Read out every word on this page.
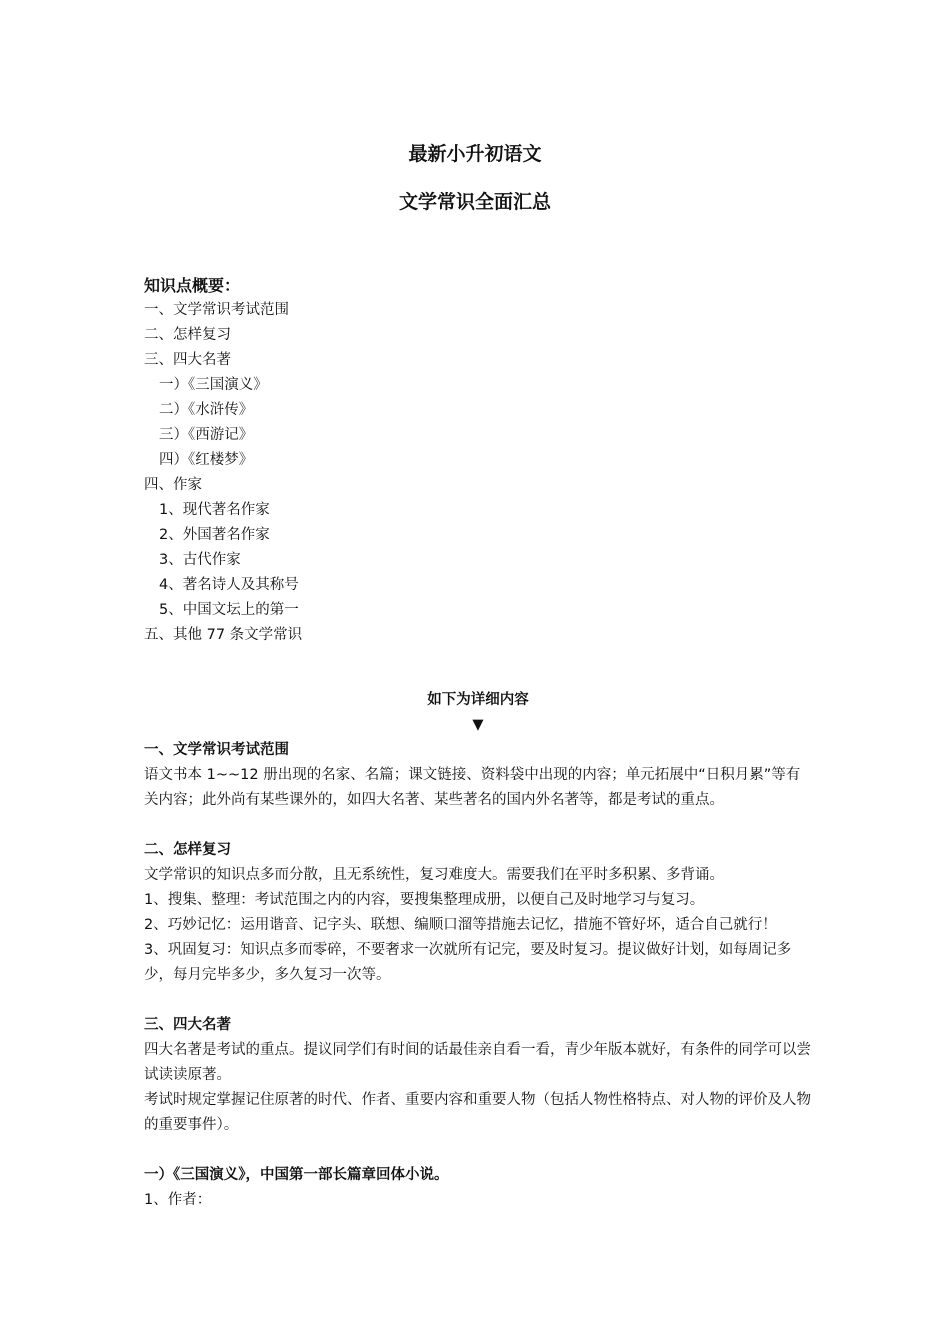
最新小升初语文
文学常识全面汇总

知识点概要：

一、文学常识考试范围

二、怎样复习

三、四大名著

一）《三国演义》

二）《水浒传》

三）《西游记》

四）《红楼梦》

四、作家

1、现代著名作家

2、外国著名作家

3、古代作家

4、著名诗人及其称号

5、中国文坛上的第一

五、其他 77 条文学常识

如下为详细内容

▼

一、文学常识考试范围

语文书本 1~~12 册出现的名家、名篇；课文链接、资料袋中出现的内容；单元拓展中“日积月累”等有关内容；此外尚有某些课外的，如四大名著、某些著名的国内外名著等，都是考试的重点。

二、怎样复习

文学常识的知识点多而分散，且无系统性，复习难度大。需要我们在平时多积累、多背诵。

1、搜集、整理：考试范围之内的内容，要搜集整理成册，以便自己及时地学习与复习。

2、巧妙记忆：运用谐音、记字头、联想、编顺口溜等措施去记忆，措施不管好坏，适合自己就行！

3、巩固复习：知识点多而零碎，不要奢求一次就所有记完，要及时复习。提议做好计划，如每周记多少，每月完毕多少，多久复习一次等。

三、四大名著

四大名著是考试的重点。提议同学们有时间的话最佳亲自看一看，青少年版本就好，有条件的同学可以尝试读读原著。

考试时规定掌握记住原著的时代、作者、重要内容和重要人物（包括人物性格特点、对人物的评价及人物的重要事件）。

一）《三国演义》，中国第一部长篇章回体小说。

1、作者：
